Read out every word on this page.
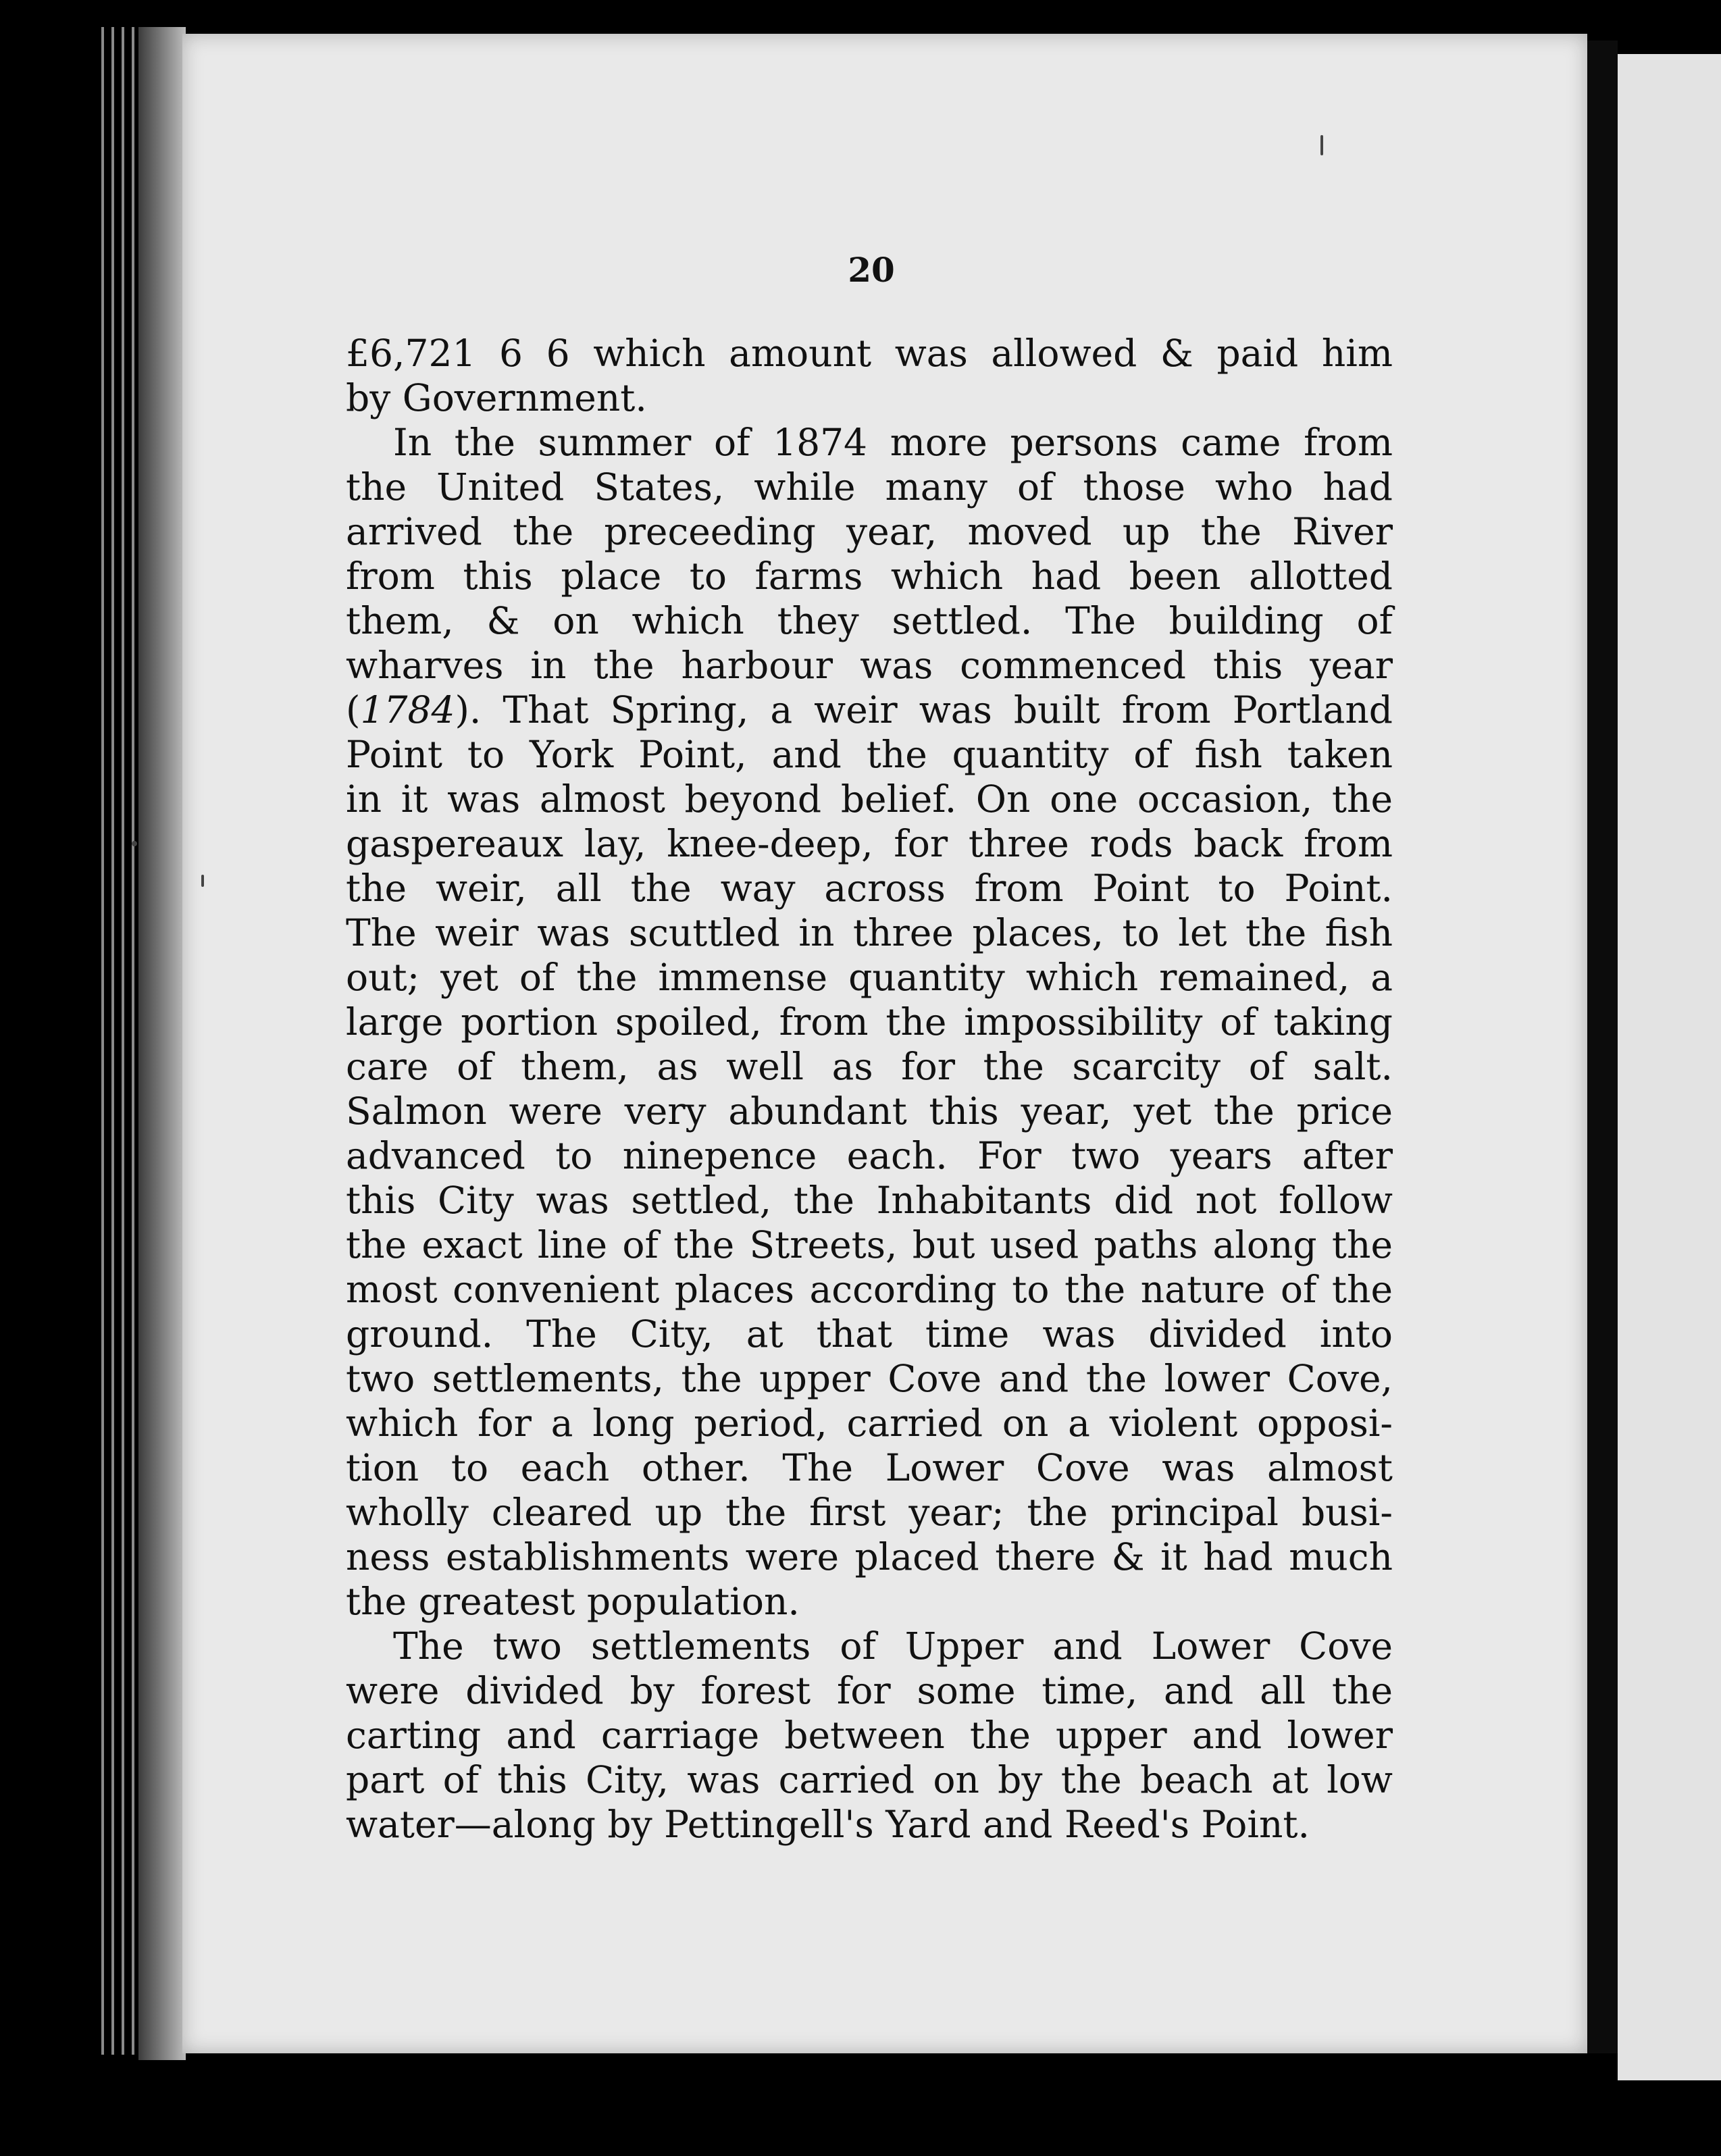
20
£6,721 6 6 which amount was allowed & paid him
by Government.
In the summer of 1874 more persons came from
the United States, while many of those who had
arrived the preceeding year, moved up the River
from this place to farms which had been allotted
them, & on which they settled. The building of
wharves in the harbour was commenced this year
(1784). That Spring, a weir was built from Portland
Point to York Point, and the quantity of fish taken
in it was almost beyond belief. On one occasion, the
gaspereaux lay, knee-deep, for three rods back from
the weir, all the way across from Point to Point.
The weir was scuttled in three places, to let the fish
out; yet of the immense quantity which remained, a
large portion spoiled, from the impossibility of taking
care of them, as well as for the scarcity of salt.
Salmon were very abundant this year, yet the price
advanced to ninepence each. For two years after
this City was settled, the Inhabitants did not follow
the exact line of the Streets, but used paths along the
most convenient places according to the nature of the
ground. The City, at that time was divided into
two settlements, the upper Cove and the lower Cove,
which for a long period, carried on a violent opposi-
tion to each other. The Lower Cove was almost
wholly cleared up the first year; the principal busi-
ness establishments were placed there & it had much
the greatest population.
The two settlements of Upper and Lower Cove
were divided by forest for some time, and all the
carting and carriage between the upper and lower
part of this City, was carried on by the beach at low
water—along by Pettingell's Yard and Reed's Point.
